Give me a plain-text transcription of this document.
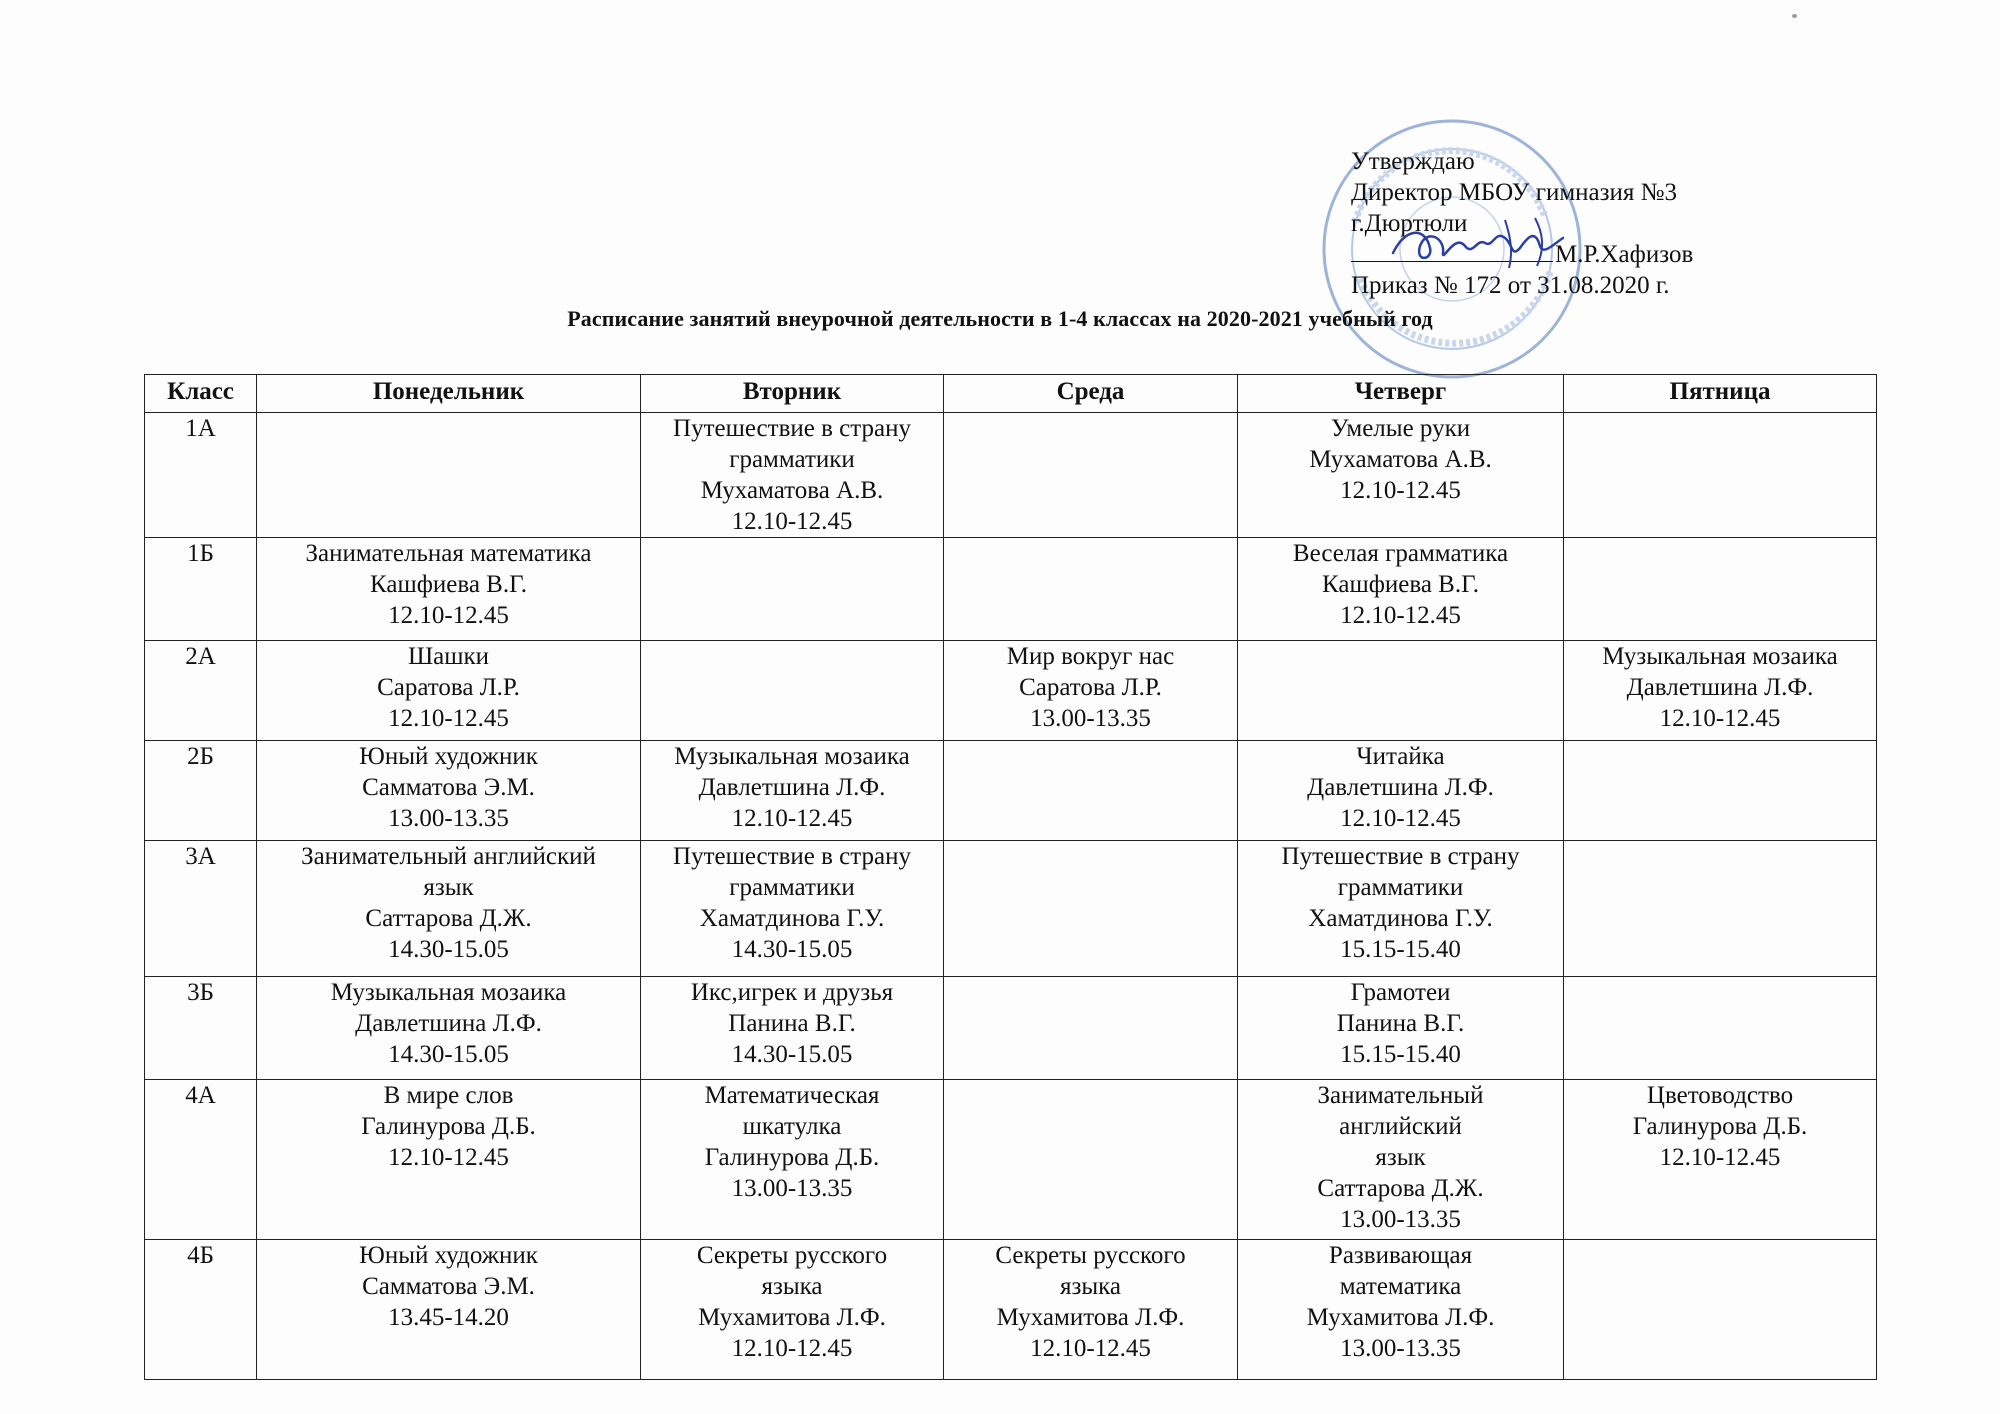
Утверждаю
Директор МБОУ гимназия №3
г.Дюртюли
М.Р.Хафизов
Приказ № 172 от 31.08.2020 г.
Расписание занятий внеурочной деятельности в 1-4 классах на 2020-2021 учебный год
Класс	Понедельник	Вторник	Среда	Четверг	Пятница
1А		Путешествие в страну
грамматики
Мухаматова А.В.
12.10-12.45		Умелые руки
Мухаматова А.В.
12.10-12.45	

1Б	Занимательная математика
Кашфиева В.Г.
12.10-12.45			Веселая грамматика
Кашфиева В.Г.
12.10-12.45	

2А	Шашки
Саратова Л.Р.
12.10-12.45		Мир вокруг нас
Саратова Л.Р.
13.00-13.35		Музыкальная мозаика
Давлетшина Л.Ф.
12.10-12.45

2Б	Юный художник
Самматова Э.М.
13.00-13.35	Музыкальная мозаика
Давлетшина Л.Ф.
12.10-12.45		Читайка
Давлетшина Л.Ф.
12.10-12.45	

3А	Занимательный английский
язык
Саттарова Д.Ж.
14.30-15.05	Путешествие в страну
грамматики
Хаматдинова Г.У.
14.30-15.05		Путешествие в страну
грамматики
Хаматдинова Г.У.
15.15-15.40	

3Б	Музыкальная мозаика
Давлетшина Л.Ф.
14.30-15.05	Икс,игрек и друзья
Панина В.Г.
14.30-15.05		Грамотеи
Панина В.Г.
15.15-15.40	

4А	В мире слов
Галинурова Д.Б.
12.10-12.45	Математическая
шкатулка
Галинурова Д.Б.
13.00-13.35		Занимательный
английский
язык
Саттарова Д.Ж.
13.00-13.35	Цветоводство
Галинурова Д.Б.
12.10-12.45

4Б	Юный художник
Самматова Э.М.
13.45-14.20	Секреты русского
языка
Мухамитова Л.Ф.
12.10-12.45	Секреты русского
языка
Мухамитова Л.Ф.
12.10-12.45	Развивающая
математика
Мухамитова Л.Ф.
13.00-13.35	
